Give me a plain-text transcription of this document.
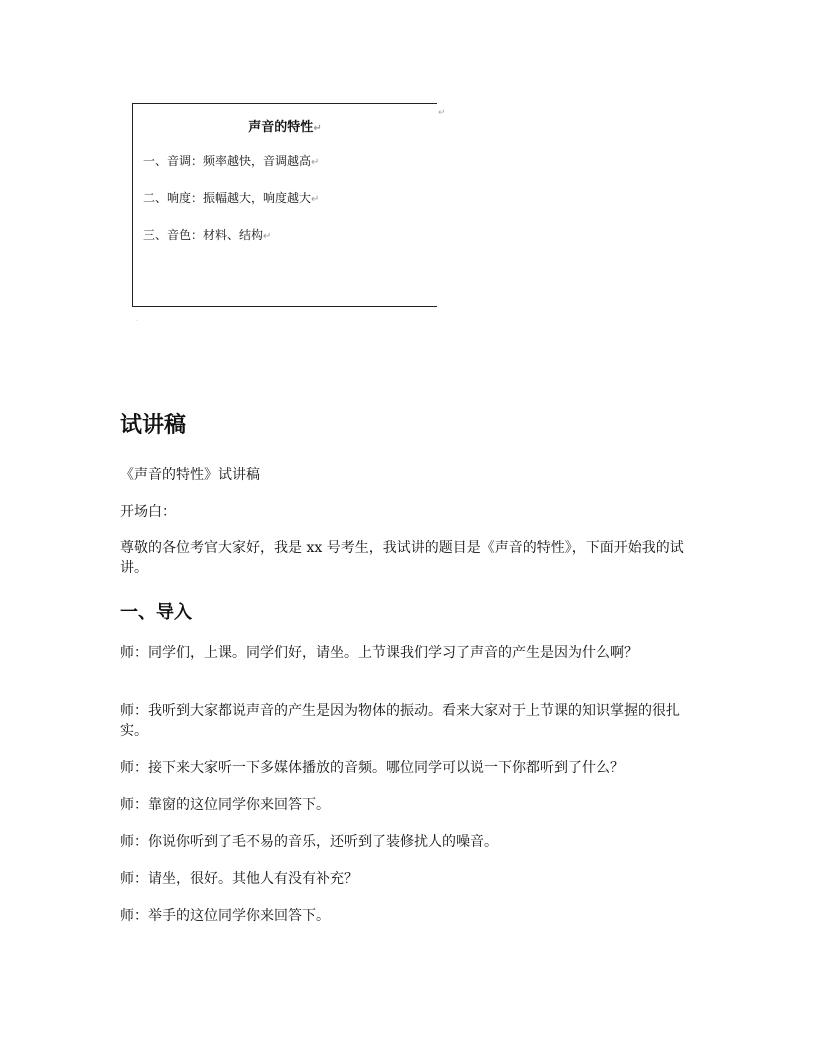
声音的特性↵
一、音调：频率越快，音调越高↵
二、响度：振幅越大，响度越大↵
三、音色：材料、结构↵
↵
·
试讲稿

《声音的特性》试讲稿

开场白：

尊敬的各位考官大家好，我是 xx 号考生，我试讲的题目是《声音的特性》，下面开始我的试讲。

一、导入

师：同学们，上课。同学们好，请坐。上节课我们学习了声音的产生是因为什么啊？

师：我听到大家都说声音的产生是因为物体的振动。看来大家对于上节课的知识掌握的很扎实。

师：接下来大家听一下多媒体播放的音频。哪位同学可以说一下你都听到了什么？

师：靠窗的这位同学你来回答下。

师：你说你听到了毛不易的音乐，还听到了装修扰人的噪音。

师：请坐，很好。其他人有没有补充？

师：举手的这位同学你来回答下。
